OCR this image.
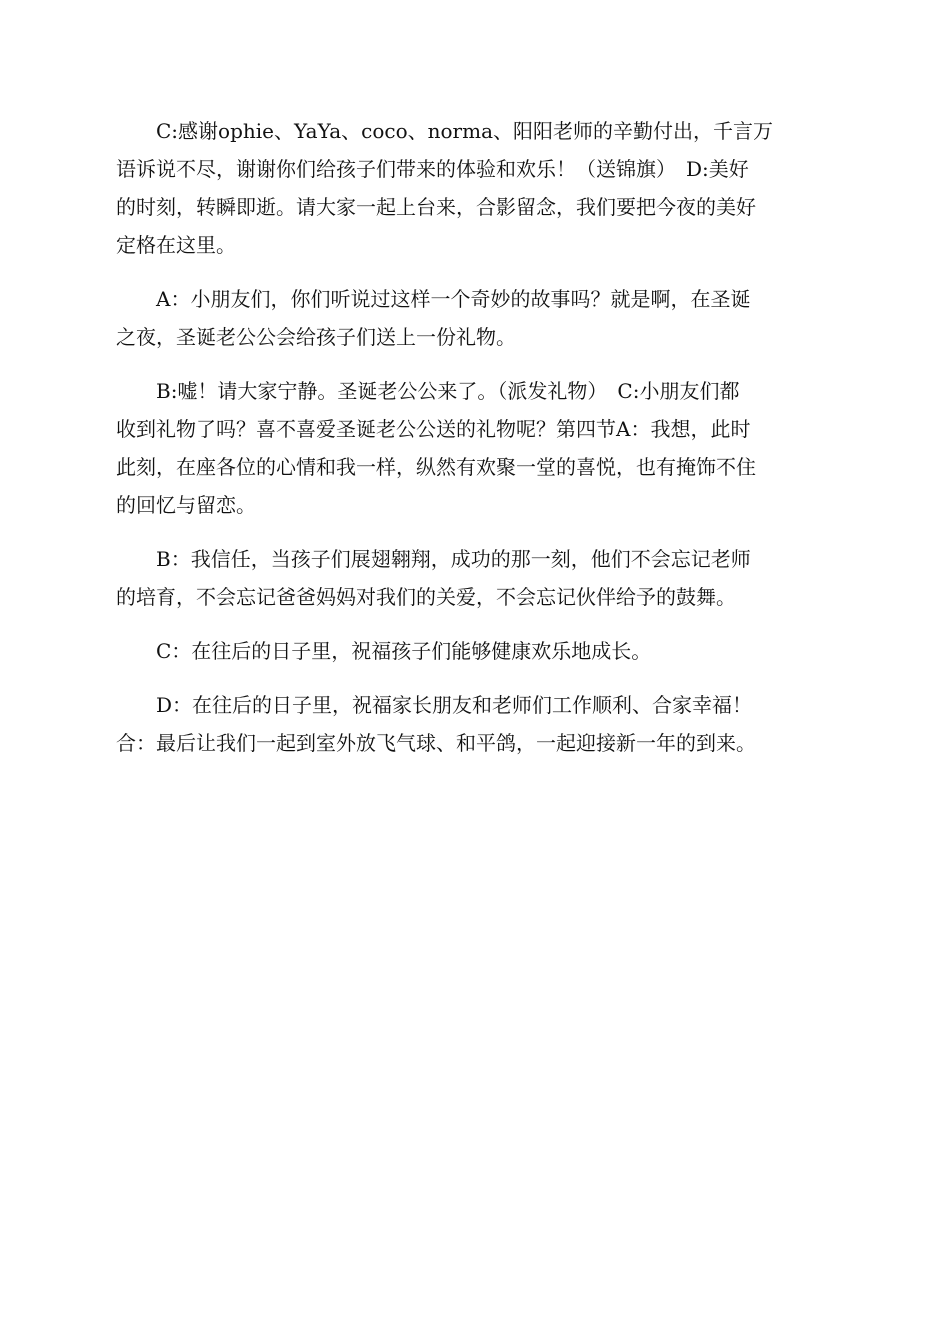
C:感谢ophie、YaYa、coco、norma、阳阳老师的辛勤付出，千言万
语诉说不尽，谢谢你们给孩子们带来的体验和欢乐！（送锦旗）　D:美好
的时刻，转瞬即逝。请大家一起上台来，合影留念，我们要把今夜的美好
定格在这里。

A：小朋友们，你们听说过这样一个奇妙的故事吗？就是啊，在圣诞
之夜，圣诞老公公会给孩子们送上一份礼物。

B:嘘！请大家宁静。圣诞老公公来了。（派发礼物）　C:小朋友们都
收到礼物了吗？喜不喜爱圣诞老公公送的礼物呢？第四节A：我想，此时
此刻，在座各位的心情和我一样，纵然有欢聚一堂的喜悦，也有掩饰不住
的回忆与留恋。

B：我信任，当孩子们展翅翱翔，成功的那一刻，他们不会忘记老师
的培育，不会忘记爸爸妈妈对我们的关爱，不会忘记伙伴给予的鼓舞。

C：在往后的日子里，祝福孩子们能够健康欢乐地成长。

D：在往后的日子里，祝福家长朋友和老师们工作顺利、合家幸福！
合：最后让我们一起到室外放飞气球、和平鸽，一起迎接新一年的到来。
